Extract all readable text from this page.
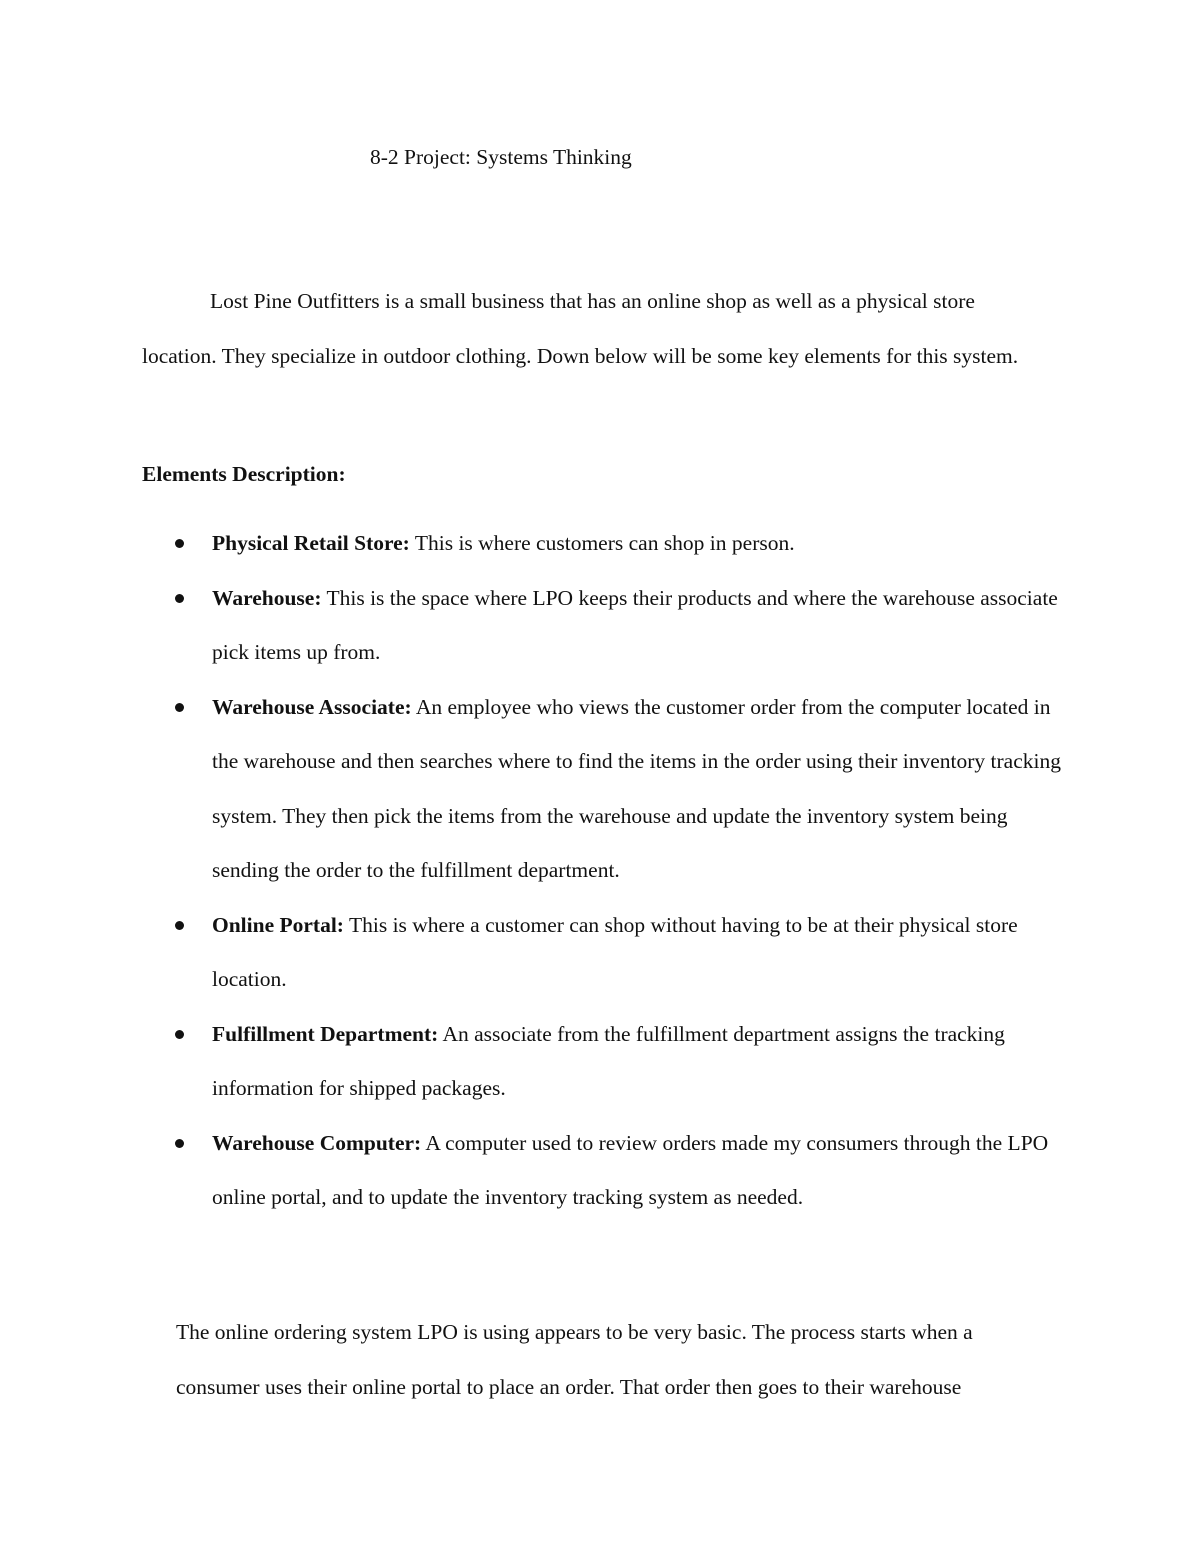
8-2 Project: Systems Thinking

Lost Pine Outfitters is a small business that has an online shop as well as a physical store location. They specialize in outdoor clothing. Down below will be some key elements for this system.

Elements Description:
Physical Retail Store: This is where customers can shop in person.
Warehouse: This is the space where LPO keeps their products and where the warehouse associate pick items up from.
Warehouse Associate: An employee who views the customer order from the computer located in the warehouse and then searches where to find the items in the order using their inventory tracking system. They then pick the items from the warehouse and update the inventory system being sending the order to the fulfillment department.
Online Portal: This is where a customer can shop without having to be at their physical store location.
Fulfillment Department: An associate from the fulfillment department assigns the tracking information for shipped packages.
Warehouse Computer: A computer used to review orders made my consumers through the LPO online portal, and to update the inventory tracking system as needed.

The online ordering system LPO is using appears to be very basic. The process starts when a consumer uses their online portal to place an order. That order then goes to their warehouse
